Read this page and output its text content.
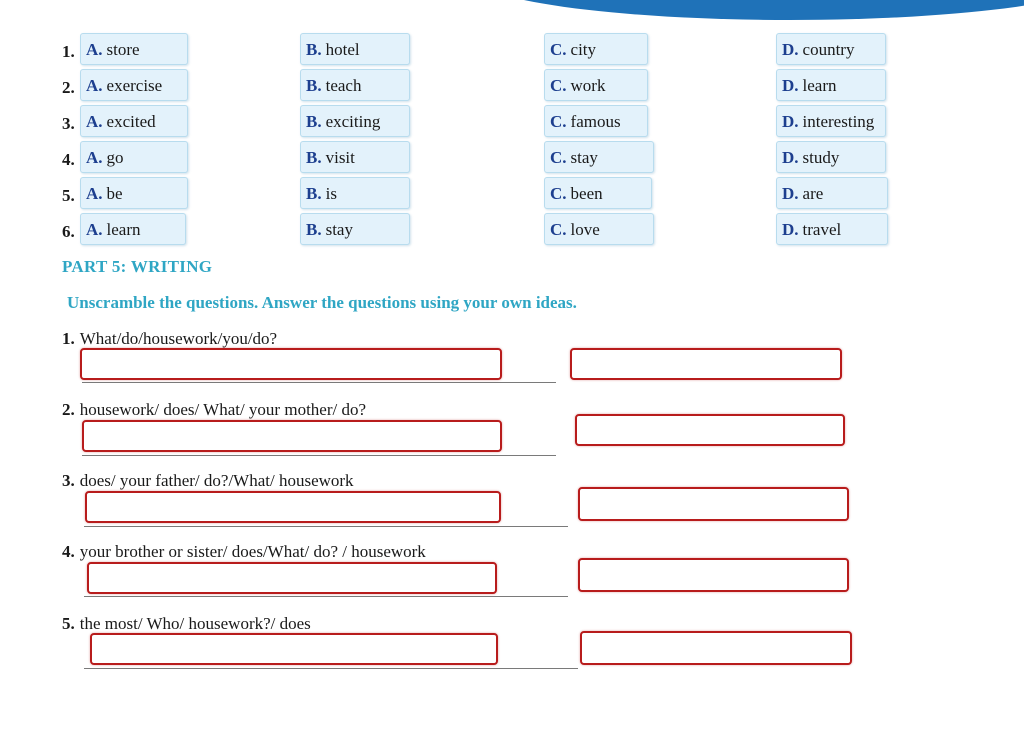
1. A. store	B. hotel	C. city	D. country
2. A. exercise	B. teach	C. work	D. learn
3. A. excited	B. exciting	C. famous	D. interesting
4. A. go	B. visit	C. stay	D. study
5. A. be	B. is	C. been	D. are
6. A. learn	B. stay	C. love	D. travel
PART 5: WRITING
Unscramble the questions. Answer the questions using your own ideas.
1. What/do/housework/you/do?
2. housework/ does/ What/ your mother/ do?
3. does/ your father/ do?/What/ housework
4. your brother or sister/ does/What/ do? / housework
5. the most/ Who/ housework?/ does
